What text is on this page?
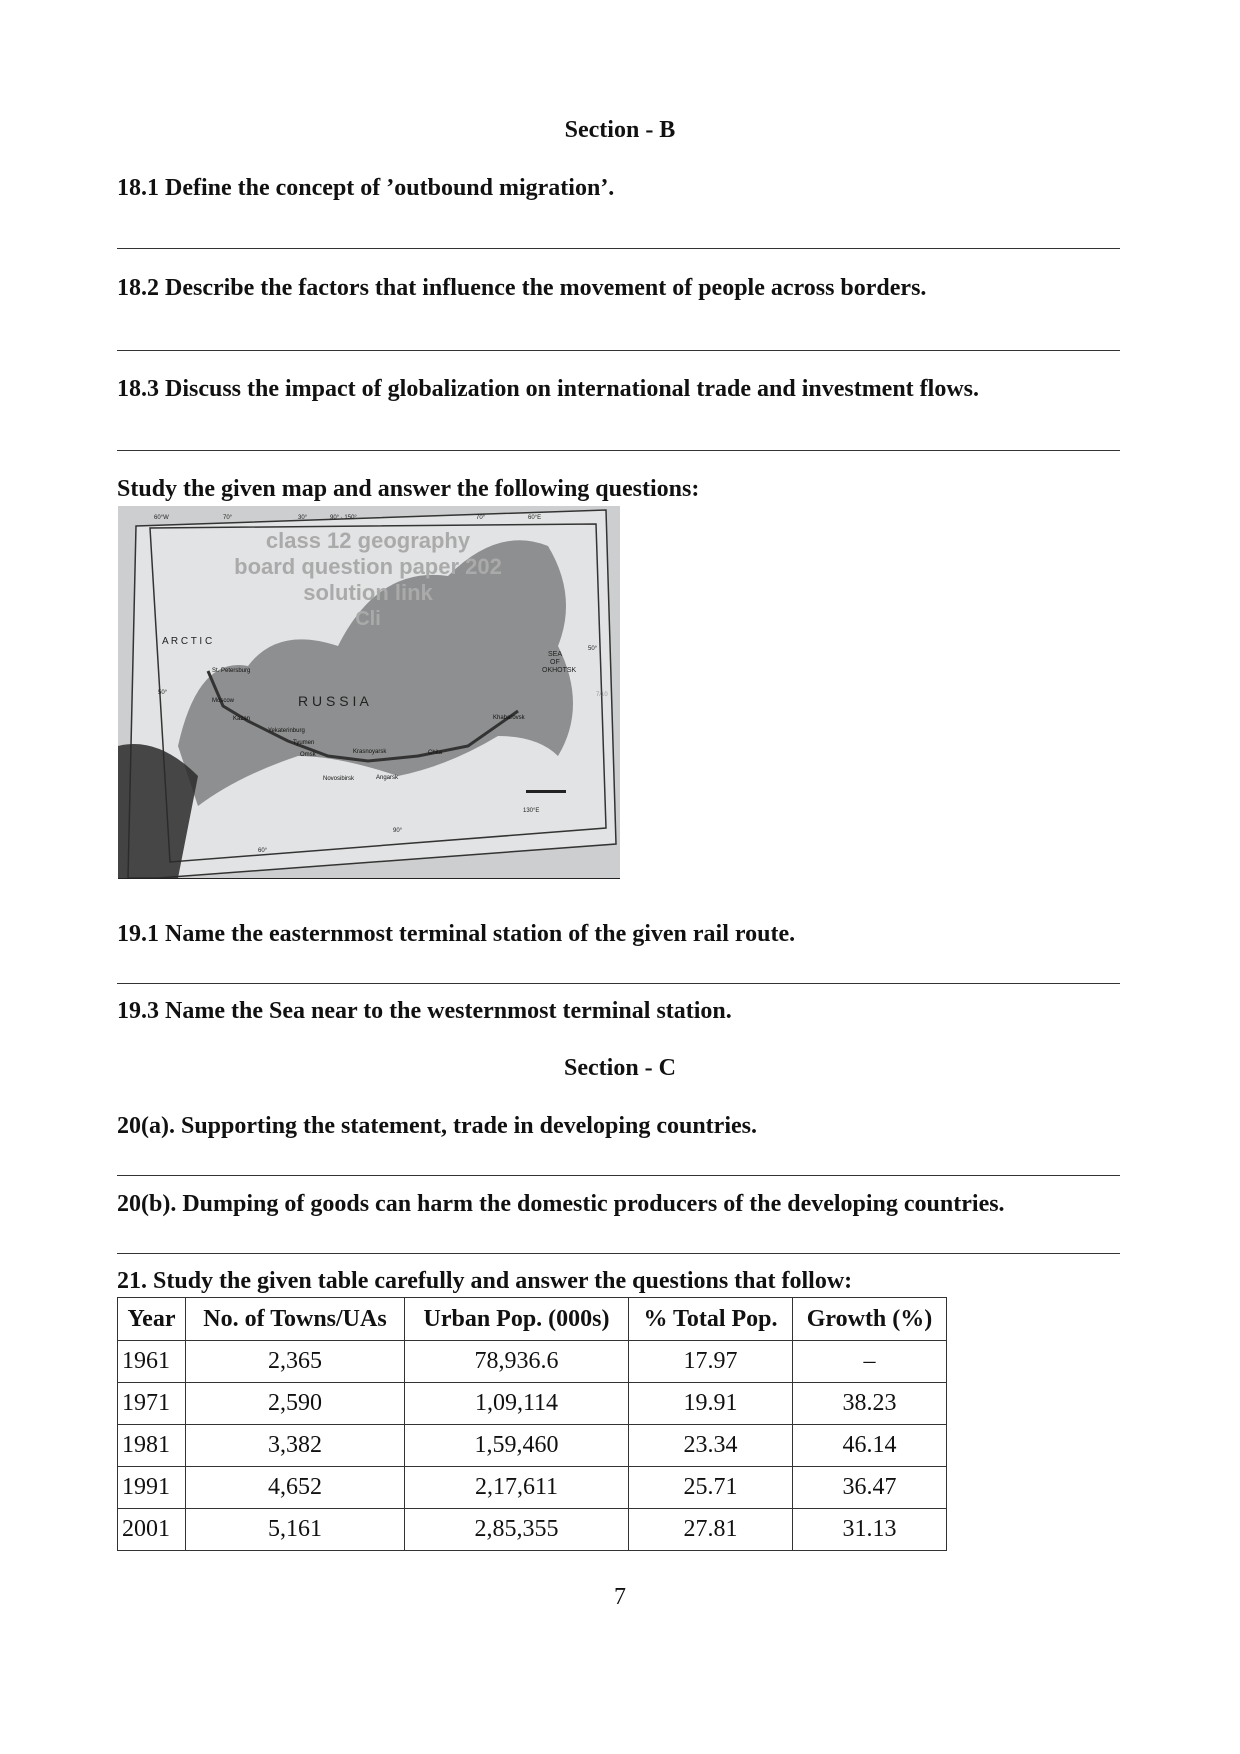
Section - B
18.1 Define the concept of ’outbound migration’.
18.2 Describe the factors that influence the movement of people across borders.
18.3 Discuss the impact of globalization on international trade and investment flows.
Study the given map and answer the following questions:
class 12 geography
board question paper 202
solution link
Cli
A R C T I C
R U S S I A
SEA
OF
OKHOTSK
St. Petersburg
Moscow
Kazan
Yekaterinburg
Tyumen
Omsk
Novosibirsk
Krasnoyarsk
Angarsk
Chita
Khabarovsk
60°W	70°	30°	90° · 150°	70°	60°E
50°
50°
130°E
90°
60°
7/10
19.1 Name the easternmost terminal station of the given rail route.
19.3 Name the Sea near to the westernmost terminal station.
Section - C
20(a). Supporting the statement, trade in developing countries.
20(b). Dumping of goods can harm the domestic producers of the developing countries.
21. Study the given table carefully and answer the questions that follow:
Year	No. of Towns/UAs	Urban Pop. (000s)	% Total Pop.	Growth (%)
1961	2,365	78,936.6	17.97	–
1971	2,590	1,09,114	19.91	38.23
1981	3,382	1,59,460	23.34	46.14
1991	4,652	2,17,611	25.71	36.47
2001	5,161	2,85,355	27.81	31.13
7
